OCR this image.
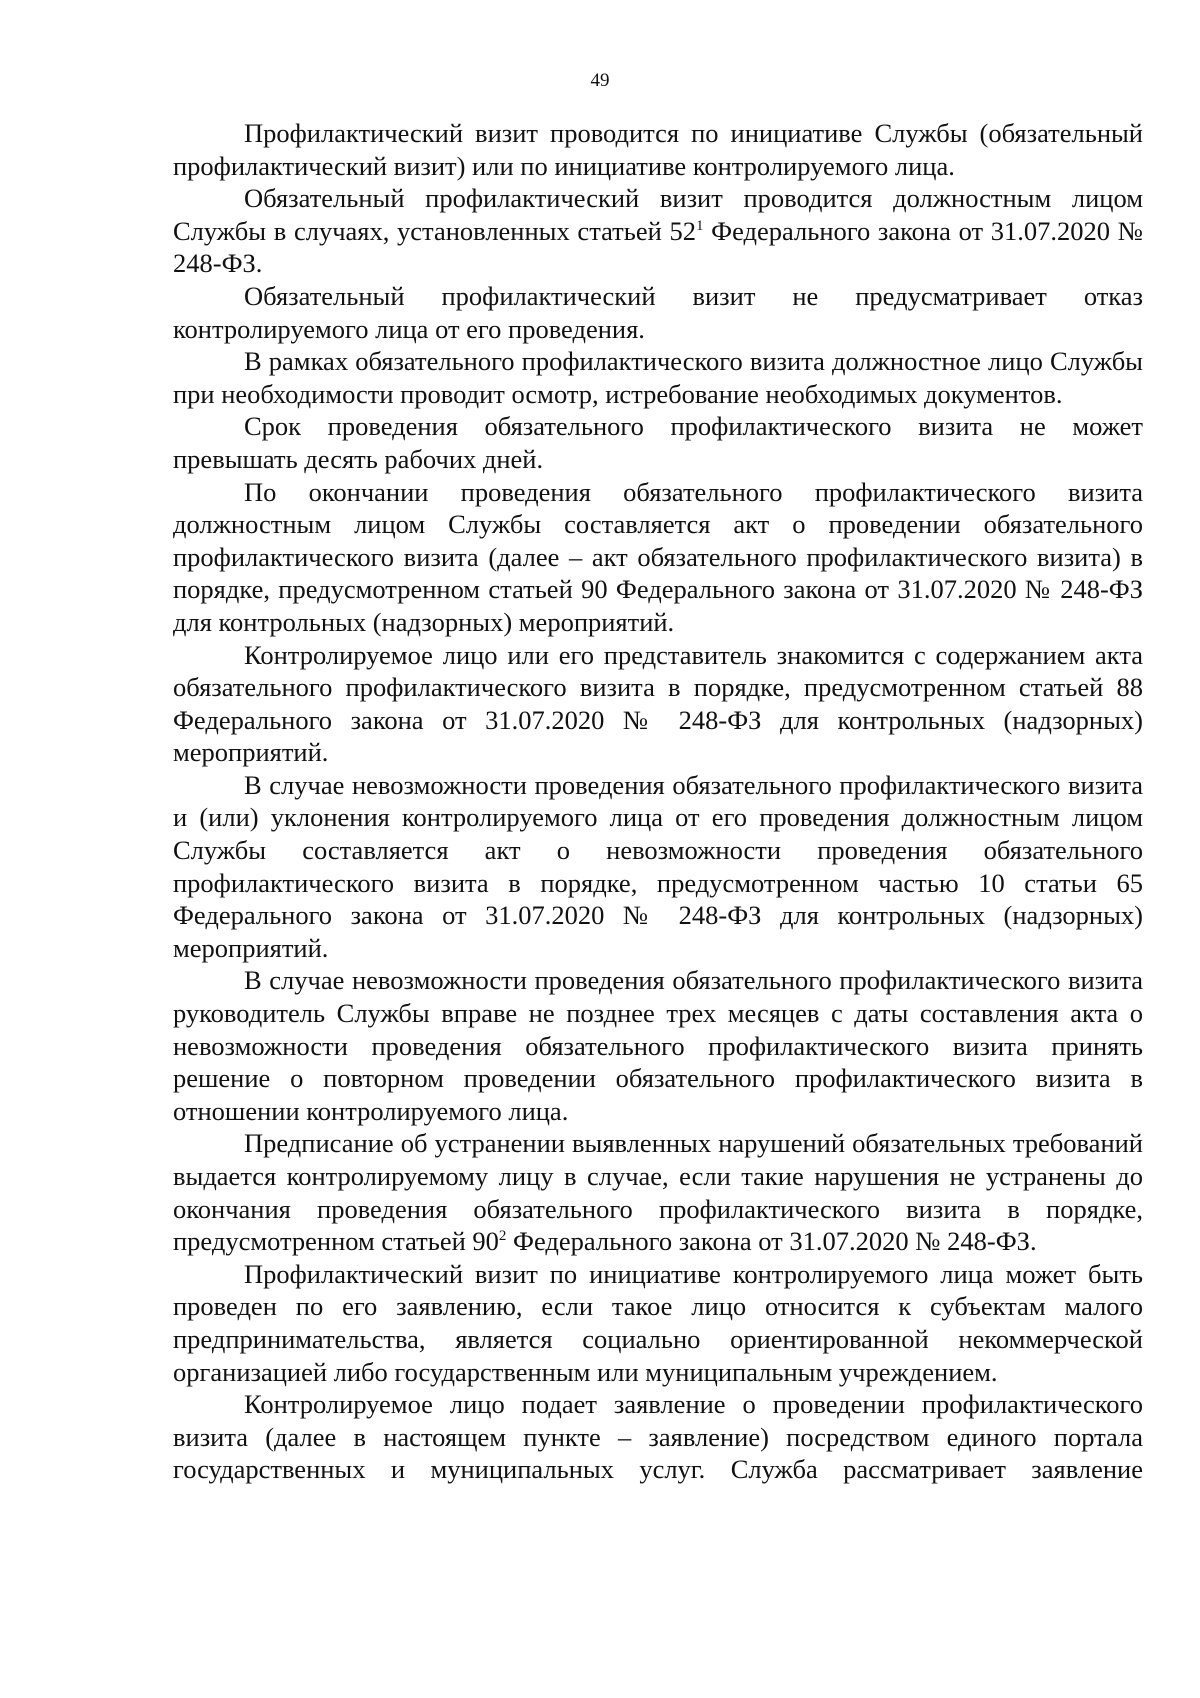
49

Профилактический визит проводится по инициативе Службы (обязательный профилактический визит) или по инициативе контролируемого лица.

Обязательный профилактический визит проводится должностным лицом Службы в случаях, установленных статьей $52^1$ Федерального закона от 31.07.2020 № 248-ФЗ.

Обязательный профилактический визит не предусматривает отказ контролируемого лица от его проведения.

В рамках обязательного профилактического визита должностное лицо Службы при необходимости проводит осмотр, истребование необходимых документов.

Срок проведения обязательного профилактического визита не может превышать десять рабочих дней.

По окончании проведения обязательного профилактического визита должностным лицом Службы составляется акт о проведении обязательного профилактического визита (далее – акт обязательного профилактического визита) в порядке, предусмотренном статьей 90 Федерального закона от 31.07.2020 № 248-ФЗ для контрольных (надзорных) мероприятий.

Контролируемое лицо или его представитель знакомится с содержанием акта обязательного профилактического визита в порядке, предусмотренном статьей 88 Федерального закона от 31.07.2020 № 248-ФЗ для контрольных (надзорных) мероприятий.

В случае невозможности проведения обязательного профилактического визита и (или) уклонения контролируемого лица от его проведения должностным лицом Службы составляется акт о невозможности проведения обязательного профилактического визита в порядке, предусмотренном частью 10 статьи 65 Федерального закона от 31.07.2020 № 248-ФЗ для контрольных (надзорных) мероприятий.

В случае невозможности проведения обязательного профилактического визита руководитель Службы вправе не позднее трех месяцев с даты составления акта о невозможности проведения обязательного профилактического визита принять решение о повторном проведении обязательного профилактического визита в отношении контролируемого лица.

Предписание об устранении выявленных нарушений обязательных требований выдается контролируемому лицу в случае, если такие нарушения не устранены до окончания проведения обязательного профилактического визита в порядке, предусмотренном статьей $90^2$ Федерального закона от 31.07.2020 № 248-ФЗ.

Профилактический визит по инициативе контролируемого лица может быть проведен по его заявлению, если такое лицо относится к субъектам малого предпринимательства, является социально ориентированной некоммерческой организацией либо государственным или муниципальным учреждением.

Контролируемое лицо подает заявление о проведении профилактического визита (далее в настоящем пункте – заявление) посредством единого портала государственных и муниципальных услуг. Служба рассматривает заявление
